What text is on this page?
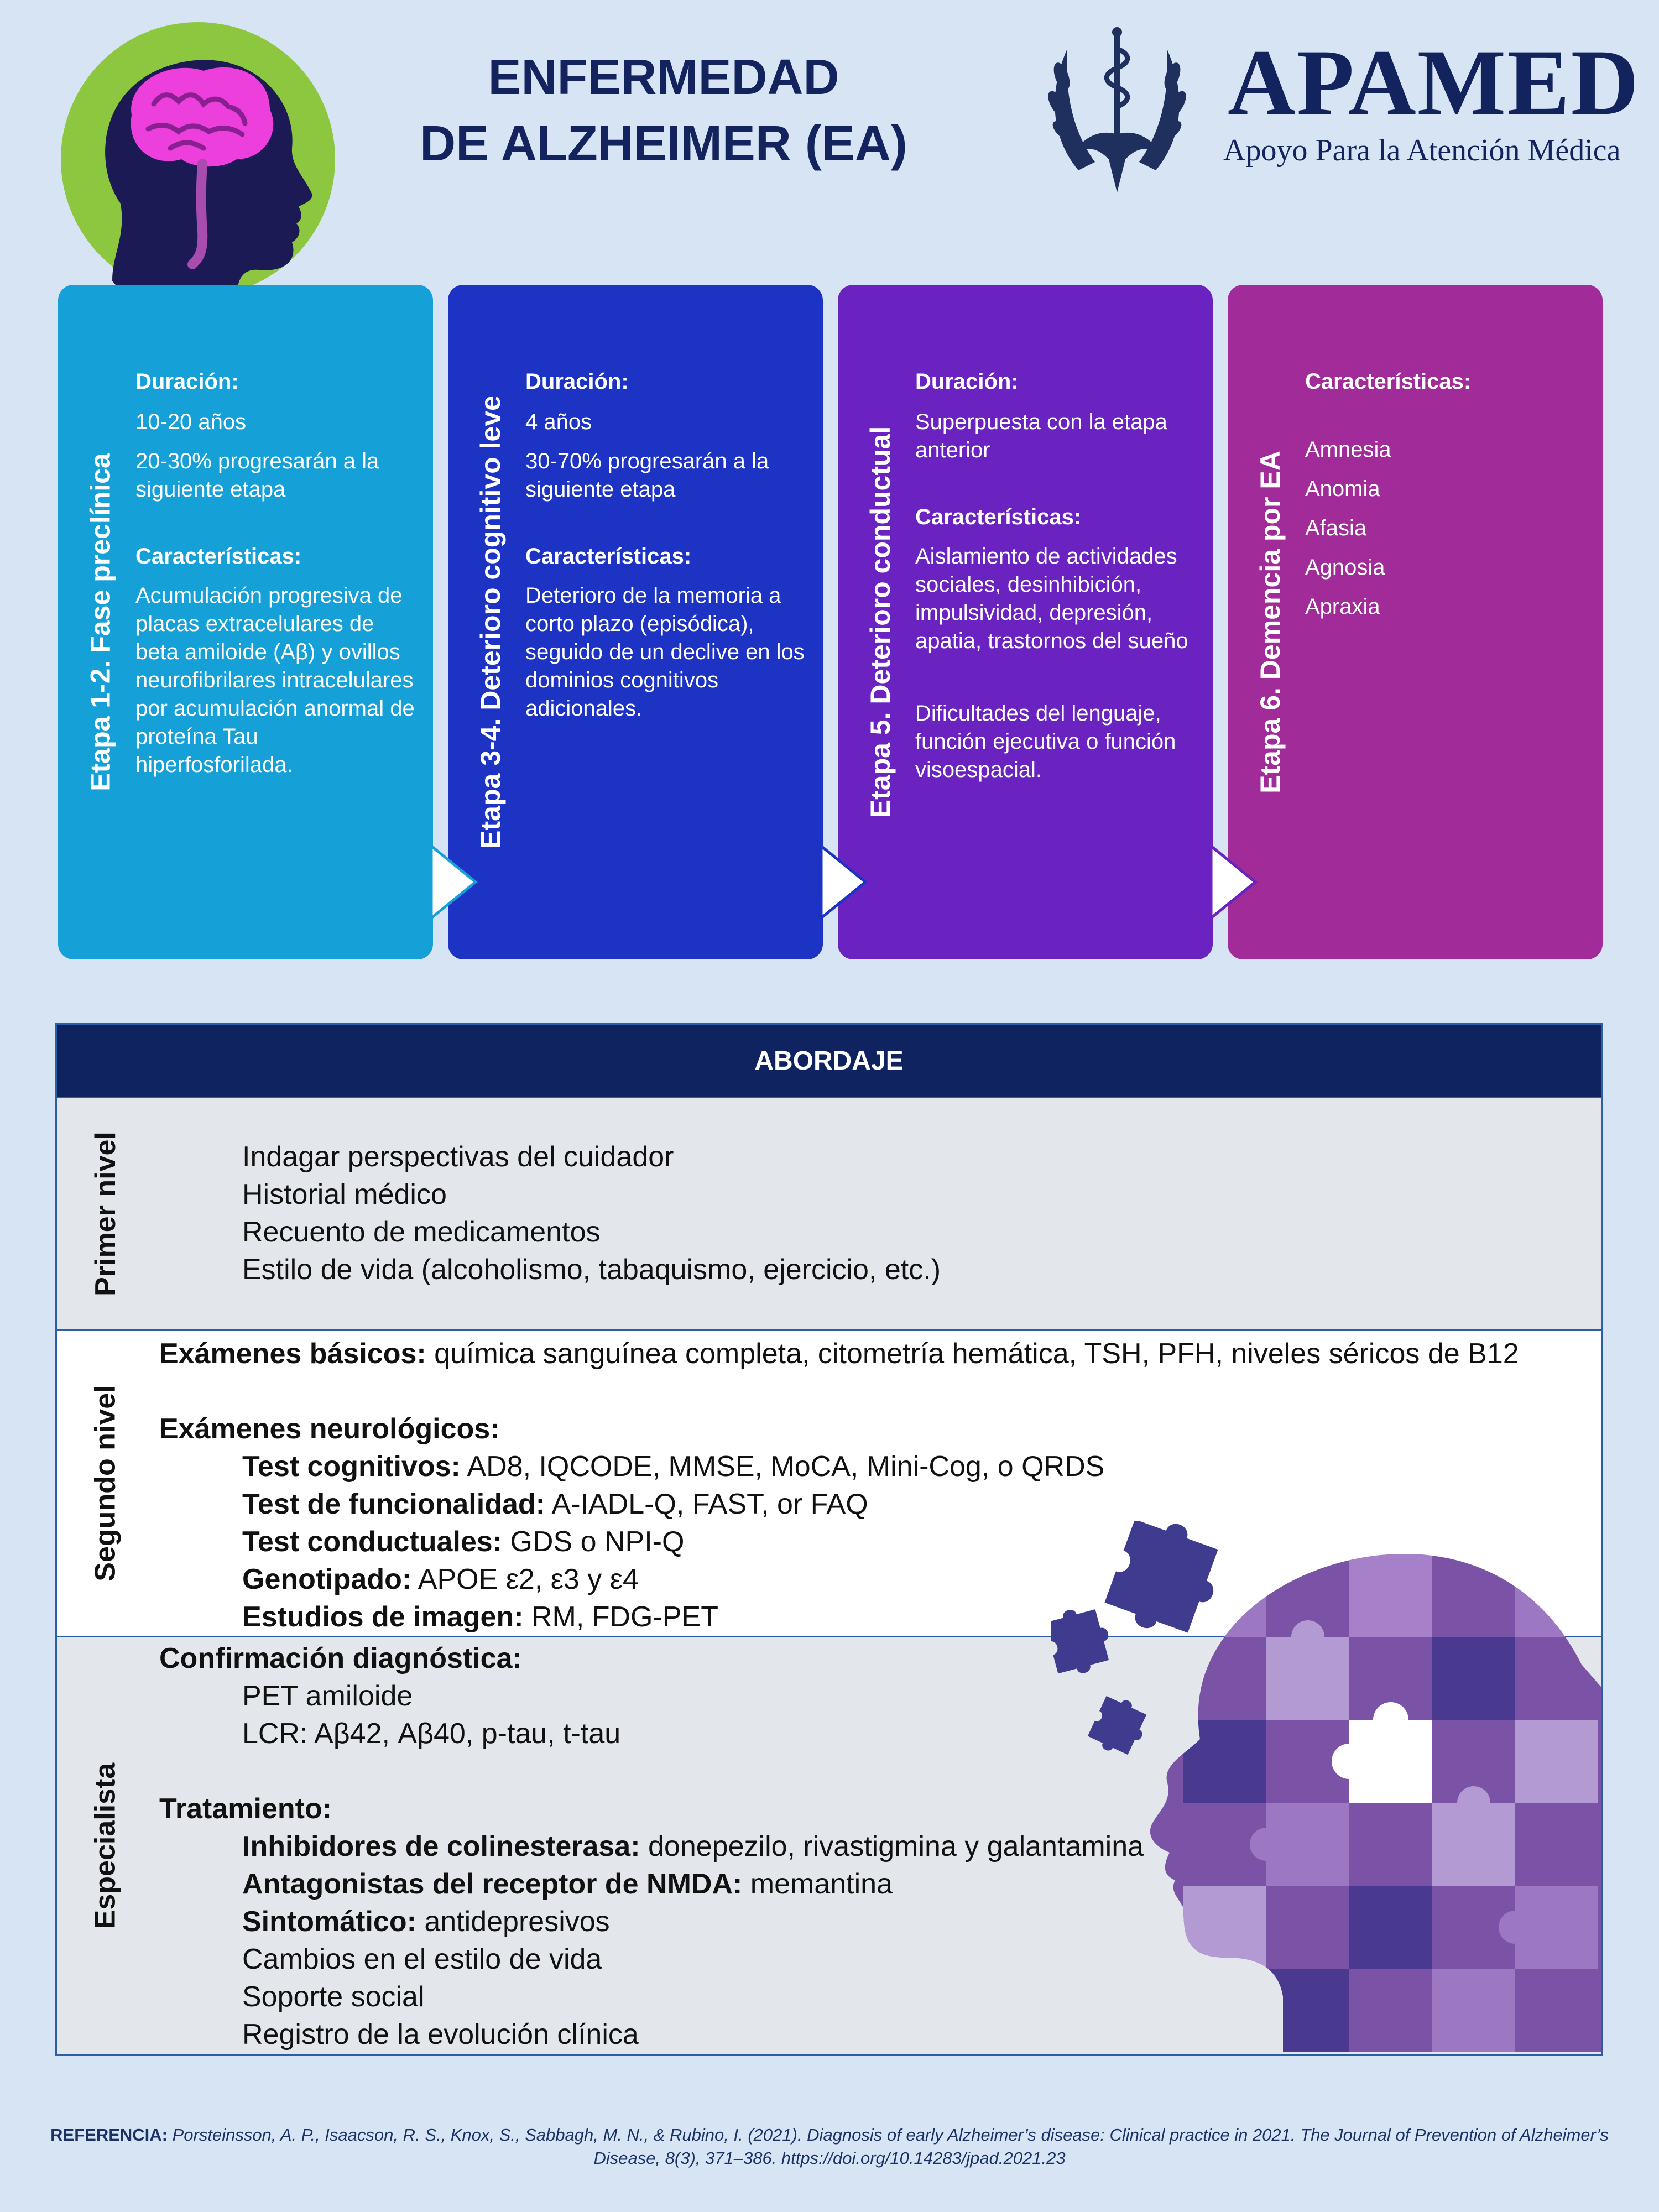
ENFERMEDAD
DE ALZHEIMER (EA)
APAMED
Apoyo Para la Atención Médica
Etapa 1-2. Fase preclínica

Duración:

10-20 años

20-30% progresarán a la siguiente etapa

Características:

Acumulación progresiva de placas extracelulares de beta amiloide (Aβ) y ovillos neurofibrilares intracelulares por acumulación anormal de proteína Tau hiperfosforilada.	Etapa 3-4. Deterioro cognitivo leve

Duración:

4 años

30-70% progresarán a la siguiente etapa

Características:

Deterioro de la memoria a corto plazo (episódica), seguido de un declive en los dominios cognitivos adicionales.	Etapa 5. Deterioro conductual

Duración:

Superpuesta con la etapa anterior

Características:

Aislamiento de actividades sociales, desinhibición, impulsividad, depresión, apatia, trastornos del sueño

Dificultades del lenguaje, función ejecutiva o función visoespacial.	Etapa 6. Demencia por EA

Características:

Amnesia

Anomia

Afasia

Agnosia

Apraxia

ABORDAJE
Primer nivel	Indagar perspectivas del cuidador
Historial médico
Recuento de medicamentos
Estilo de vida (alcoholismo, tabaquismo, ejercicio, etc.)
Segundo nivel
Exámenes básicos: química sanguínea completa, citometría hemática, TSH, PFH, niveles séricos de B12
Exámenes neurológicos:
Test cognitivos: AD8, IQCODE, MMSE, MoCA, Mini-Cog, o QRDS
Test de funcionalidad: A-IADL-Q, FAST, or FAQ
Test conductuales: GDS o NPI-Q
Genotipado: APOE ε2, ε3 y ε4
Estudios de imagen: RM, FDG-PET
Especialista
Confirmación diagnóstica:
PET amiloide
LCR: Aβ42, Aβ40, p-tau, t-tau
Tratamiento:
Inhibidores de colinesterasa: donepezilo, rivastigmina y galantamina
Antagonistas del receptor de NMDA: memantina
Sintomático: antidepresivos
Cambios en el estilo de vida
Soporte social
Registro de la evolución clínica
REFERENCIA: Porsteinsson, A. P., Isaacson, R. S., Knox, S., Sabbagh, M. N., & Rubino, I. (2021). Diagnosis of early Alzheimer’s disease: Clinical practice in 2021. The Journal of Prevention of Alzheimer’s Disease, 8(3), 371–386. https://doi.org/10.14283/jpad.2021.23
